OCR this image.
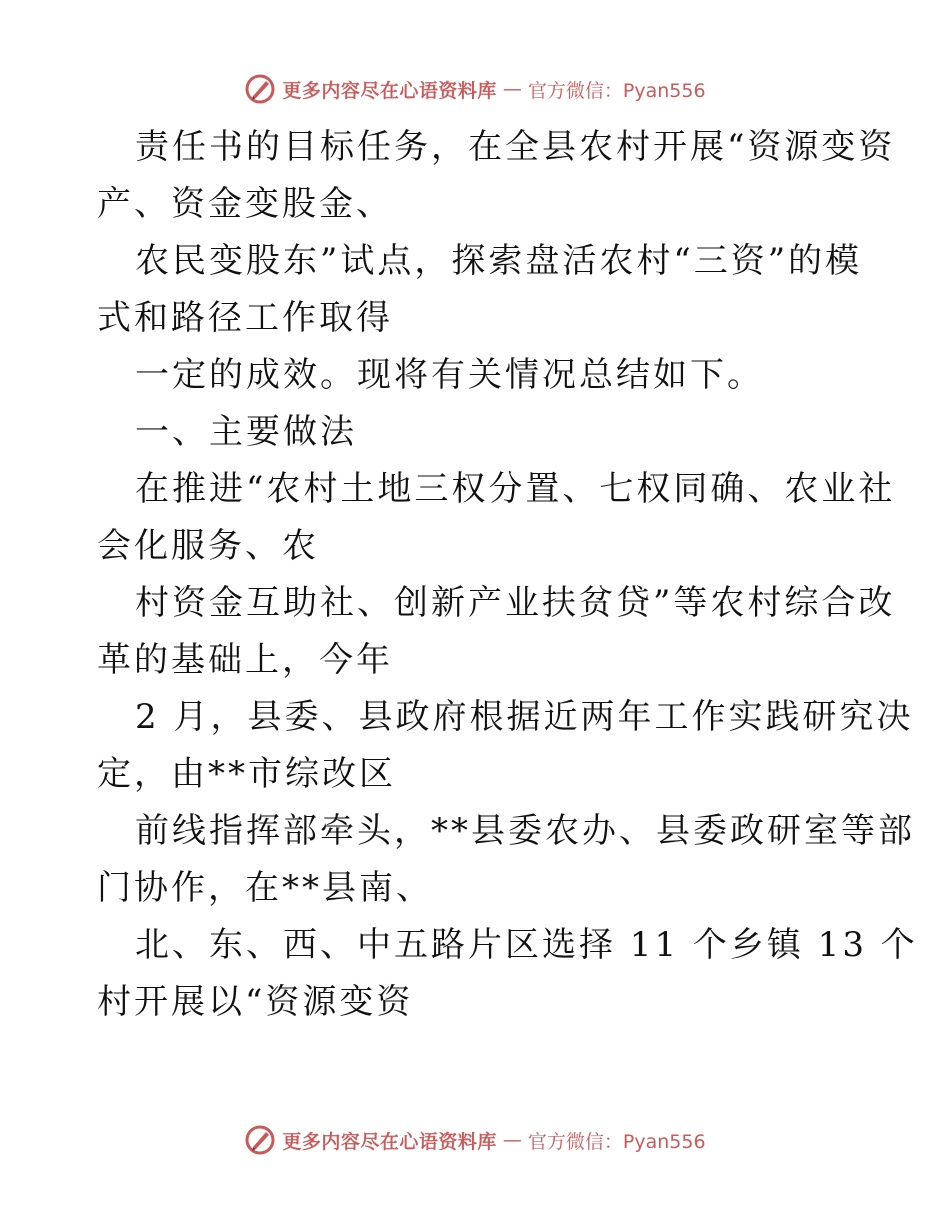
更多内容尽在心语资料库 — 官方微信：Pyan556
责任书的目标任务，在全县农村开展“资源变资
产、资金变股金、
农民变股东”试点，探索盘活农村“三资”的模
式和路径工作取得
一定的成效。现将有关情况总结如下。
一、主要做法
在推进“农村土地三权分置、七权同确、农业社
会化服务、农
村资金互助社、创新产业扶贫贷”等农村综合改
革的基础上，今年
2 月，县委、县政府根据近两年工作实践研究决
定，由**市综改区
前线指挥部牵头，**县委农办、县委政研室等部
门协作，在**县南、
北、东、西、中五路片区选择 11 个乡镇 13 个
村开展以“资源变资
更多内容尽在心语资料库 — 官方微信：Pyan556
